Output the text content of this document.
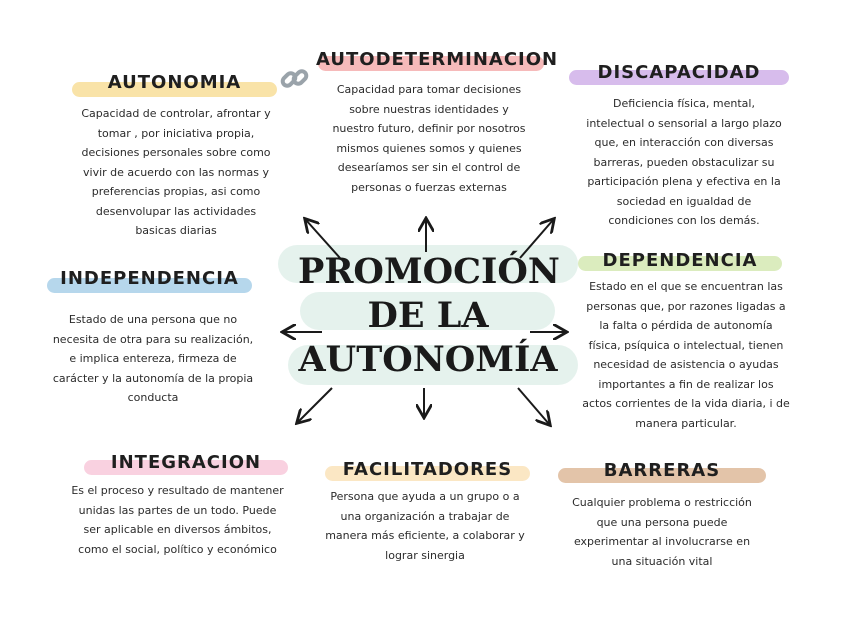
PROMOCIÓN
DE LA
AUTONOMÍA
AUTONOMIA
Capacidad de controlar, afrontar y tomar , por iniciativa propia, decisiones personales sobre como vivir de acuerdo con las normas y preferencias propias, asi como desenvolupar las actividades basicas diarias
AUTODETERMINACION
Capacidad para tomar decisiones sobre nuestras identidades y nuestro futuro, definir por nosotros mismos quienes somos y quienes desearíamos ser sin el control de personas o fuerzas externas
DISCAPACIDAD
Deficiencia física, mental, intelectual o sensorial a largo plazo que, en interacción con diversas barreras, pueden obstaculizar su participación plena y efectiva en la sociedad en igualdad de condiciones con los demás.
INDEPENDENCIA
Estado de una persona que no necesita de otra para su realización, e implica entereza, firmeza de carácter y la autonomía de la propia conducta
DEPENDENCIA
Estado en el que se encuentran las personas que, por razones ligadas a la falta o pérdida de autonomía física, psíquica o intelectual, tienen necesidad de asistencia o ayudas importantes a fin de realizar los actos corrientes de la vida diaria, i de manera particular.
INTEGRACION
Es el proceso y resultado de mantener unidas las partes de un todo. Puede ser aplicable en diversos ámbitos, como el social, político y económico
FACILITADORES
Persona que ayuda a un grupo o a una organización a trabajar de manera más eficiente, a colaborar y lograr sinergia
BARRERAS
Cualquier problema o restricción que una persona puede experimentar al involucrarse en una situación vital
